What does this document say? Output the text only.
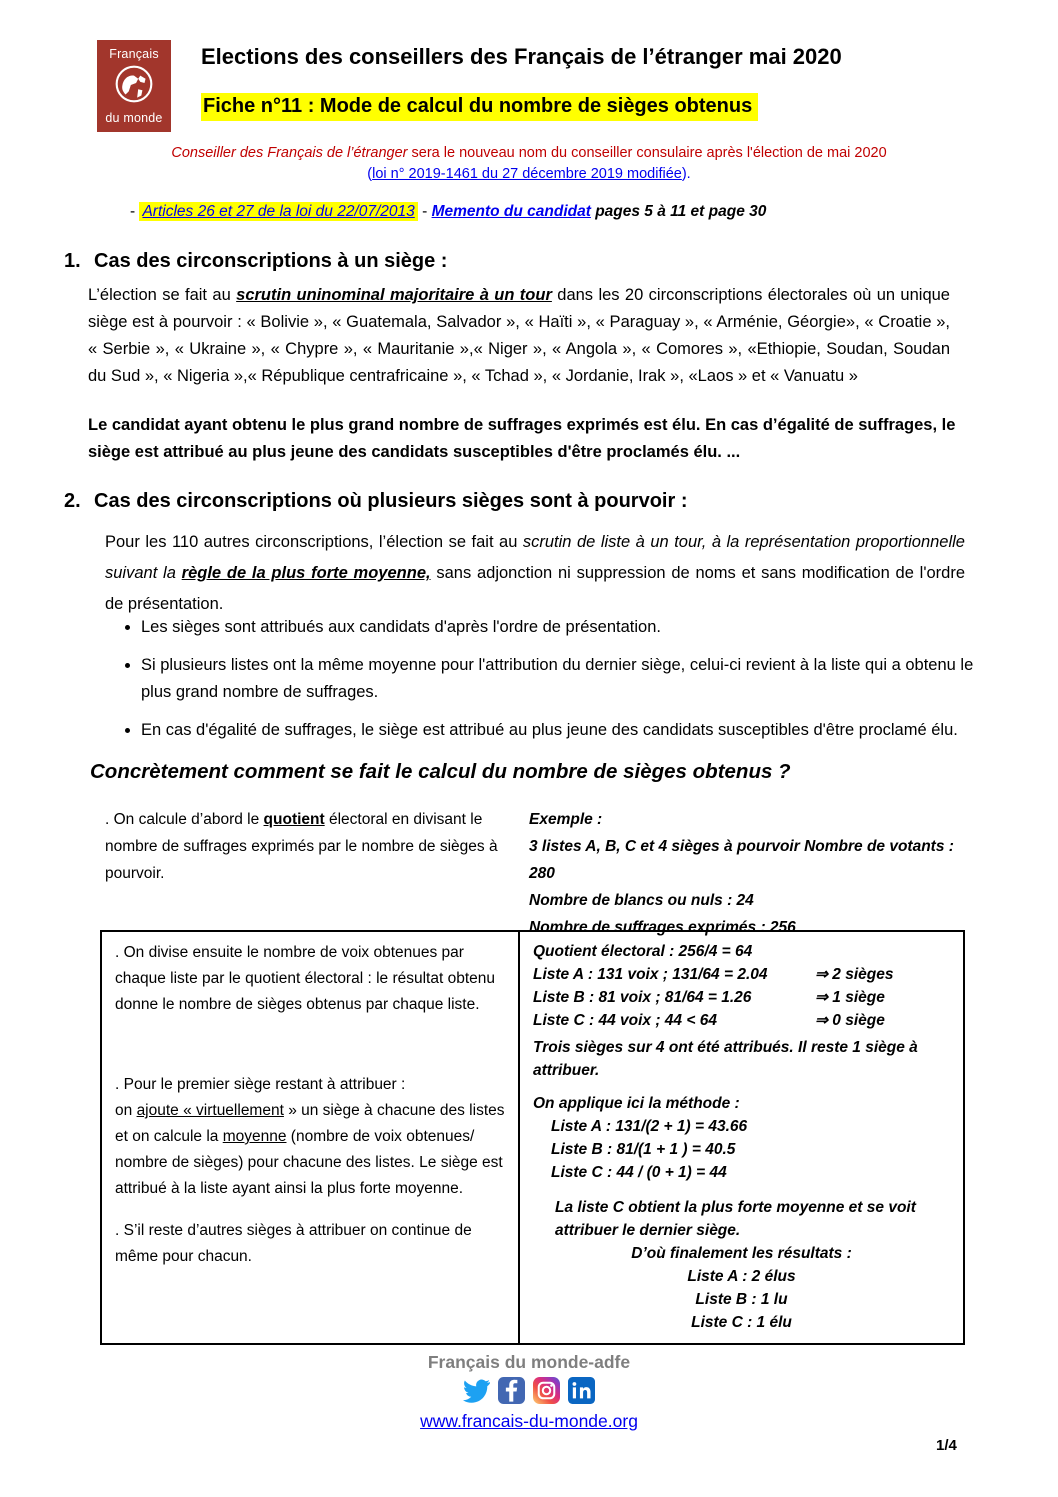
Français
du monde
Elections des conseillers des Français de l’étranger mai 2020
Fiche n°11 : Mode de calcul du nombre de sièges obtenus
Conseiller des Français de l’étranger sera le nouveau nom du conseiller consulaire après l'élection de mai 2020
(loi n° 2019-1461 du 27 décembre 2019 modifiée).
- Articles 26 et 27 de la loi du 22/07/2013 - Memento du candidat pages 5 à 11 et page 30
1. Cas des circonscriptions à un siège :
L’élection se fait au scrutin uninominal majoritaire à un tour dans les 20 circonscriptions électorales où un unique siège est à pourvoir : « Bolivie », « Guatemala, Salvador », « Haïti », « Paraguay », « Arménie, Géorgie», « Croatie », « Serbie », « Ukraine », « Chypre », « Mauritanie »,« Niger », « Angola », « Comores », «Ethiopie, Soudan, Soudan du Sud », « Nigeria »,« République centrafricaine », « Tchad », « Jordanie, Irak », «Laos » et « Vanuatu »
Le candidat ayant obtenu le plus grand nombre de suffrages exprimés est élu. En cas d’égalité de suffrages, le siège est attribué au plus jeune des candidats susceptibles d'être proclamés élu. ...
2. Cas des circonscriptions où plusieurs sièges sont à pourvoir :
Pour les 110 autres circonscriptions, l’élection se fait au scrutin de liste à un tour, à la représentation proportionnelle suivant la règle de la plus forte moyenne, sans adjonction ni suppression de noms et sans modification de l'ordre de présentation.
• Les sièges sont attribués aux candidats d'après l'ordre de présentation.
• Si plusieurs listes ont la même moyenne pour l'attribution du dernier siège, celui-ci revient à la liste qui a obtenu le plus grand nombre de suffrages.
• En cas d'égalité de suffrages, le siège est attribué au plus jeune des candidats susceptibles d'être proclamé élu.
Concrètement comment se fait le calcul du nombre de sièges obtenus ?
. On calcule d’abord le quotient électoral en divisant le nombre de suffrages exprimés par le nombre de sièges à pourvoir.
Exemple :
3 listes A, B, C et 4 sièges à pourvoir Nombre de votants : 280
Nombre de blancs ou nuls : 24
Nombre de suffrages exprimés : 256
. On divise ensuite le nombre de voix obtenues par chaque liste par le quotient électoral : le résultat obtenu donne le nombre de sièges obtenus par chaque liste.
. Pour le premier siège restant à attribuer :
on ajoute « virtuellement » un siège à chacune des listes et on calcule la moyenne (nombre de voix obtenues/ nombre de sièges) pour chacune des listes. Le siège est attribué à la liste ayant ainsi la plus forte moyenne.
. S’il reste d’autres sièges à attribuer on continue de même pour chacun.
Quotient électoral : 256/4 = 64
Liste A : 131 voix ; 131/64 = 2.04	⇒ 2 sièges
Liste B : 81 voix ; 81/64 = 1.26	⇒ 1 siège
Liste C : 44 voix ; 44 < 64	⇒ 0 siège
Trois sièges sur 4 ont été attribués. Il reste 1 siège à attribuer.
On applique ici la méthode :
Liste A : 131/(2 + 1) = 43.66
Liste B : 81/(1 + 1 ) = 40.5
Liste C : 44 / (0 + 1) = 44
La liste C obtient la plus forte moyenne et se voit attribuer le dernier siège.
D’où finalement les résultats :
Liste A : 2 élus
Liste B : 1 lu
Liste C : 1 élu
Français du monde-adfe
www.francais-du-monde.org
1/4
